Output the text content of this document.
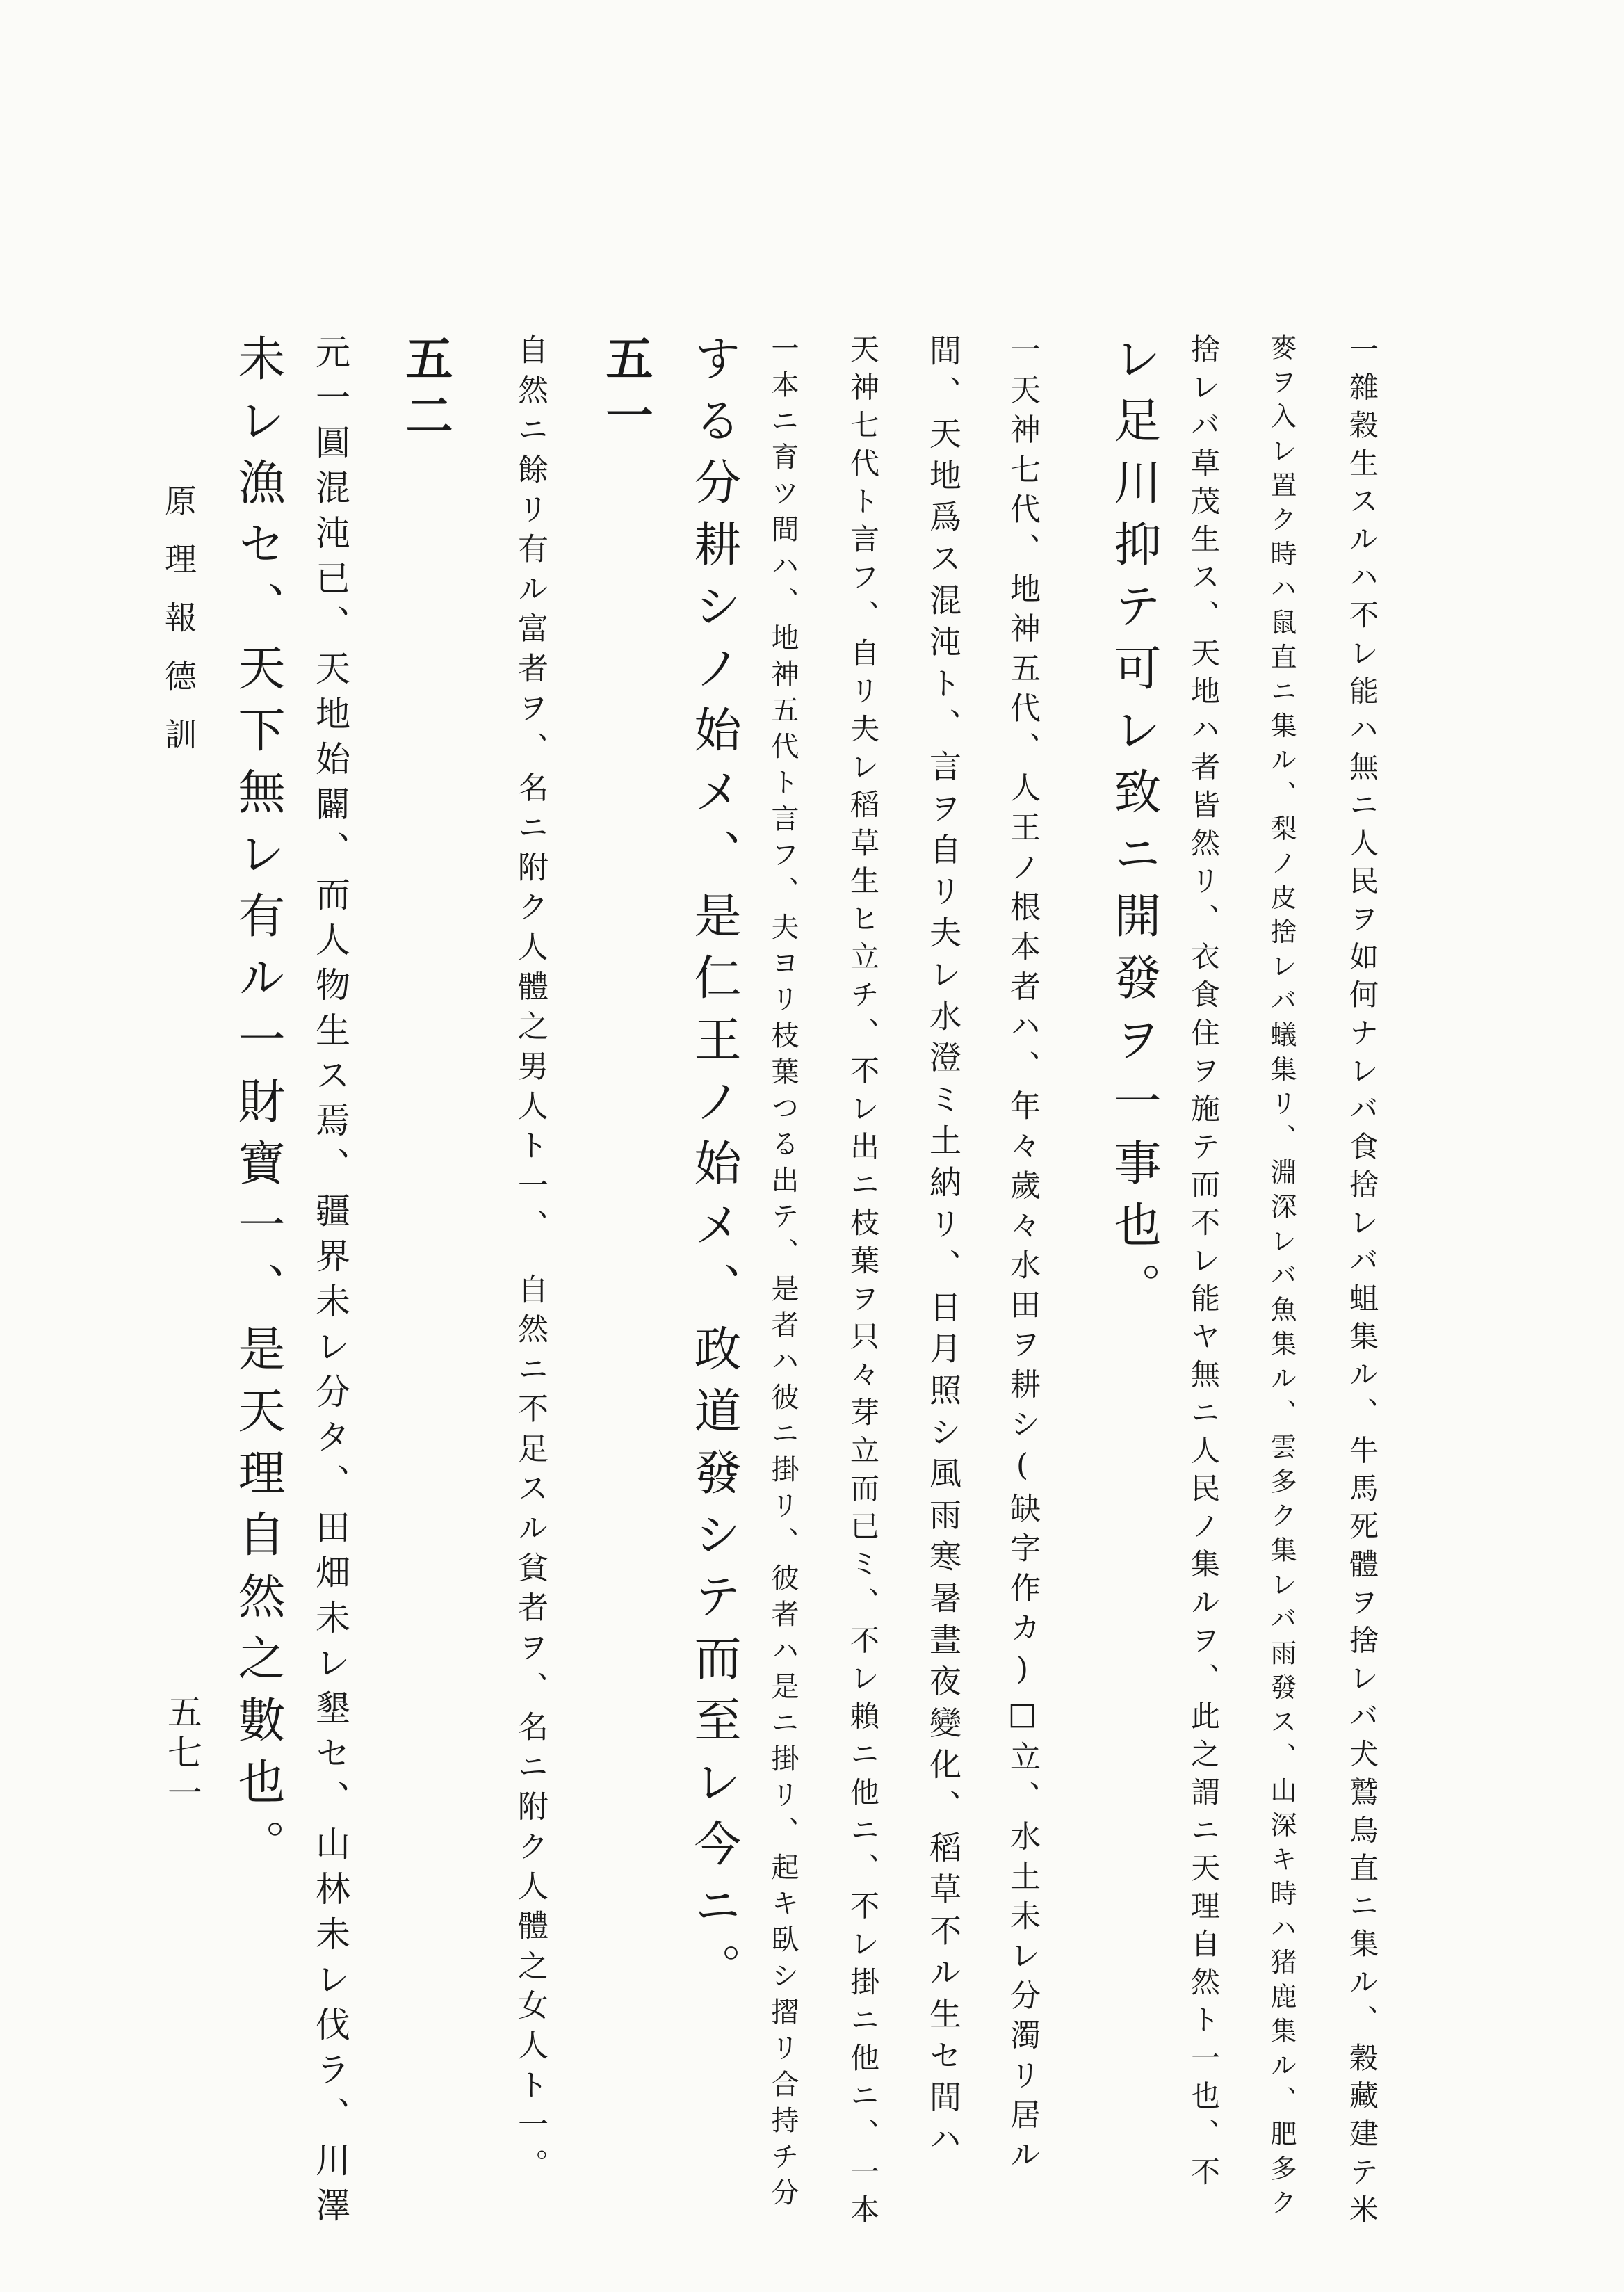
原理報德訓
五七一	一雜穀生スルハ不レ能ハ無ニ人民ヲ如何ナレバ食捨レバ蛆集ル、牛馬死體ヲ捨レバ犬鷲鳥直ニ集ル、穀藏建テ米
麥ヲ入レ置ク時ハ鼠直ニ集ル、梨ノ皮捨レバ蟻集リ、淵深レバ魚集ル、雲多ク集レバ雨發ス、山深キ時ハ猪鹿集ル、肥多ク
捨レバ草茂生ス、天地ハ者皆然リ、衣食住ヲ施テ而不レ能ヤ無ニ人民ノ集ルヲ、此之謂ニ天理自然ト一也、不
レ足川抑テ可レ致ニ開發ヲ一事也。
一天神七代、地神五代、人王ノ根本者ハ、年々歲々水田ヲ耕シ(缺字作カ)□立、水土未レ分濁リ居ル
間、天地爲ス混沌ト、言ヲ自リ夫レ水澄ミ土納リ、日月照シ風雨寒暑晝夜變化、稻草不ル生セ間ハ
天神七代ト言フ、自リ夫レ稻草生ヒ立チ、不レ出ニ枝葉ヲ只々芽立而已ミ、不レ賴ニ他ニ、不レ掛ニ他ニ、一本
一本ニ育ツ間ハ、地神五代ト言フ、夫ヨリ枝葉つる出テ、是者ハ彼ニ掛リ、彼者ハ是ニ掛リ、起キ臥シ摺リ合持チ分
する分耕シノ始メ、是仁王ノ始メ、政道發シテ而至レ今ニ。
五一
自然ニ餘リ有ル富者ヲ、名ニ附ク人體之男人ト一、　自然ニ不足スル貧者ヲ、名ニ附ク人體之女人ト一。
五二
元一圓混沌已、天地始闢、而人物生ス焉、疆界未レ分タ、田畑未レ墾セ、山林未レ伐ラ、川澤
未レ漁セ、天下無レ有ル一財寶一、是天理自然之數也。
